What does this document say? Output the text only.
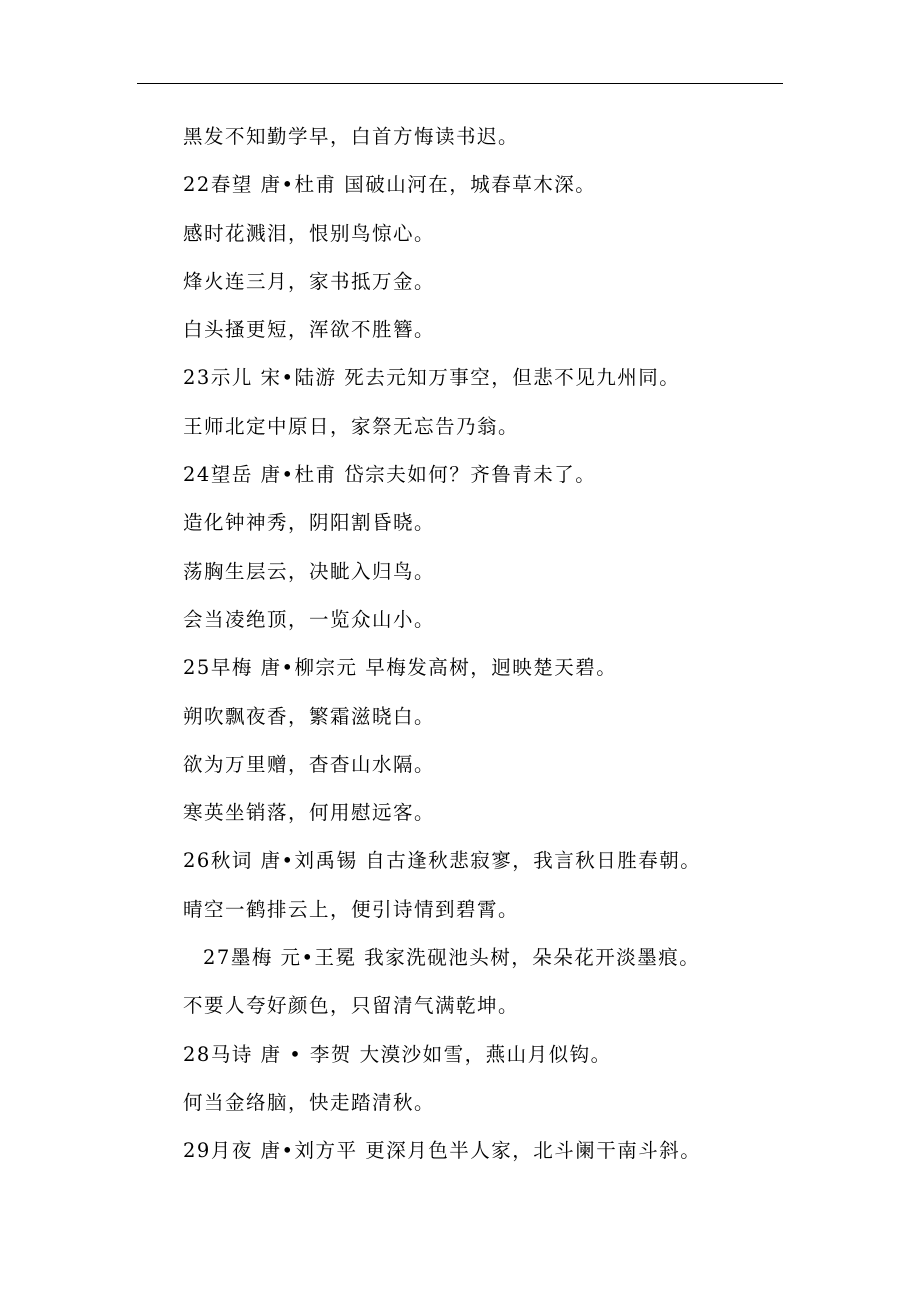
黑发不知勤学早，白首方悔读书迟。
22春望 唐•杜甫 国破山河在，城春草木深。
感时花溅泪，恨别鸟惊心。
烽火连三月，家书抵万金。
白头搔更短，浑欲不胜簪。
23示儿 宋•陆游 死去元知万事空，但悲不见九州同。
王师北定中原日，家祭无忘告乃翁。
24望岳 唐•杜甫 岱宗夫如何？齐鲁青未了。
造化钟神秀，阴阳割昏晓。
荡胸生层云，决眦入归鸟。
会当凌绝顶，一览众山小。
25早梅 唐•柳宗元 早梅发高树，迥映楚天碧。
朔吹飘夜香，繁霜滋晓白。
欲为万里赠，杳杳山水隔。
寒英坐销落，何用慰远客。
26秋词 唐•刘禹锡 自古逢秋悲寂寥，我言秋日胜春朝。
晴空一鹤排云上，便引诗情到碧霄。
27墨梅 元•王冕 我家洗砚池头树，朵朵花开淡墨痕。
不要人夸好颜色，只留清气满乾坤。
28马诗 唐 • 李贺 大漠沙如雪，燕山月似钩。
何当金络脑，快走踏清秋。
29月夜 唐•刘方平 更深月色半人家，北斗阑干南斗斜。
